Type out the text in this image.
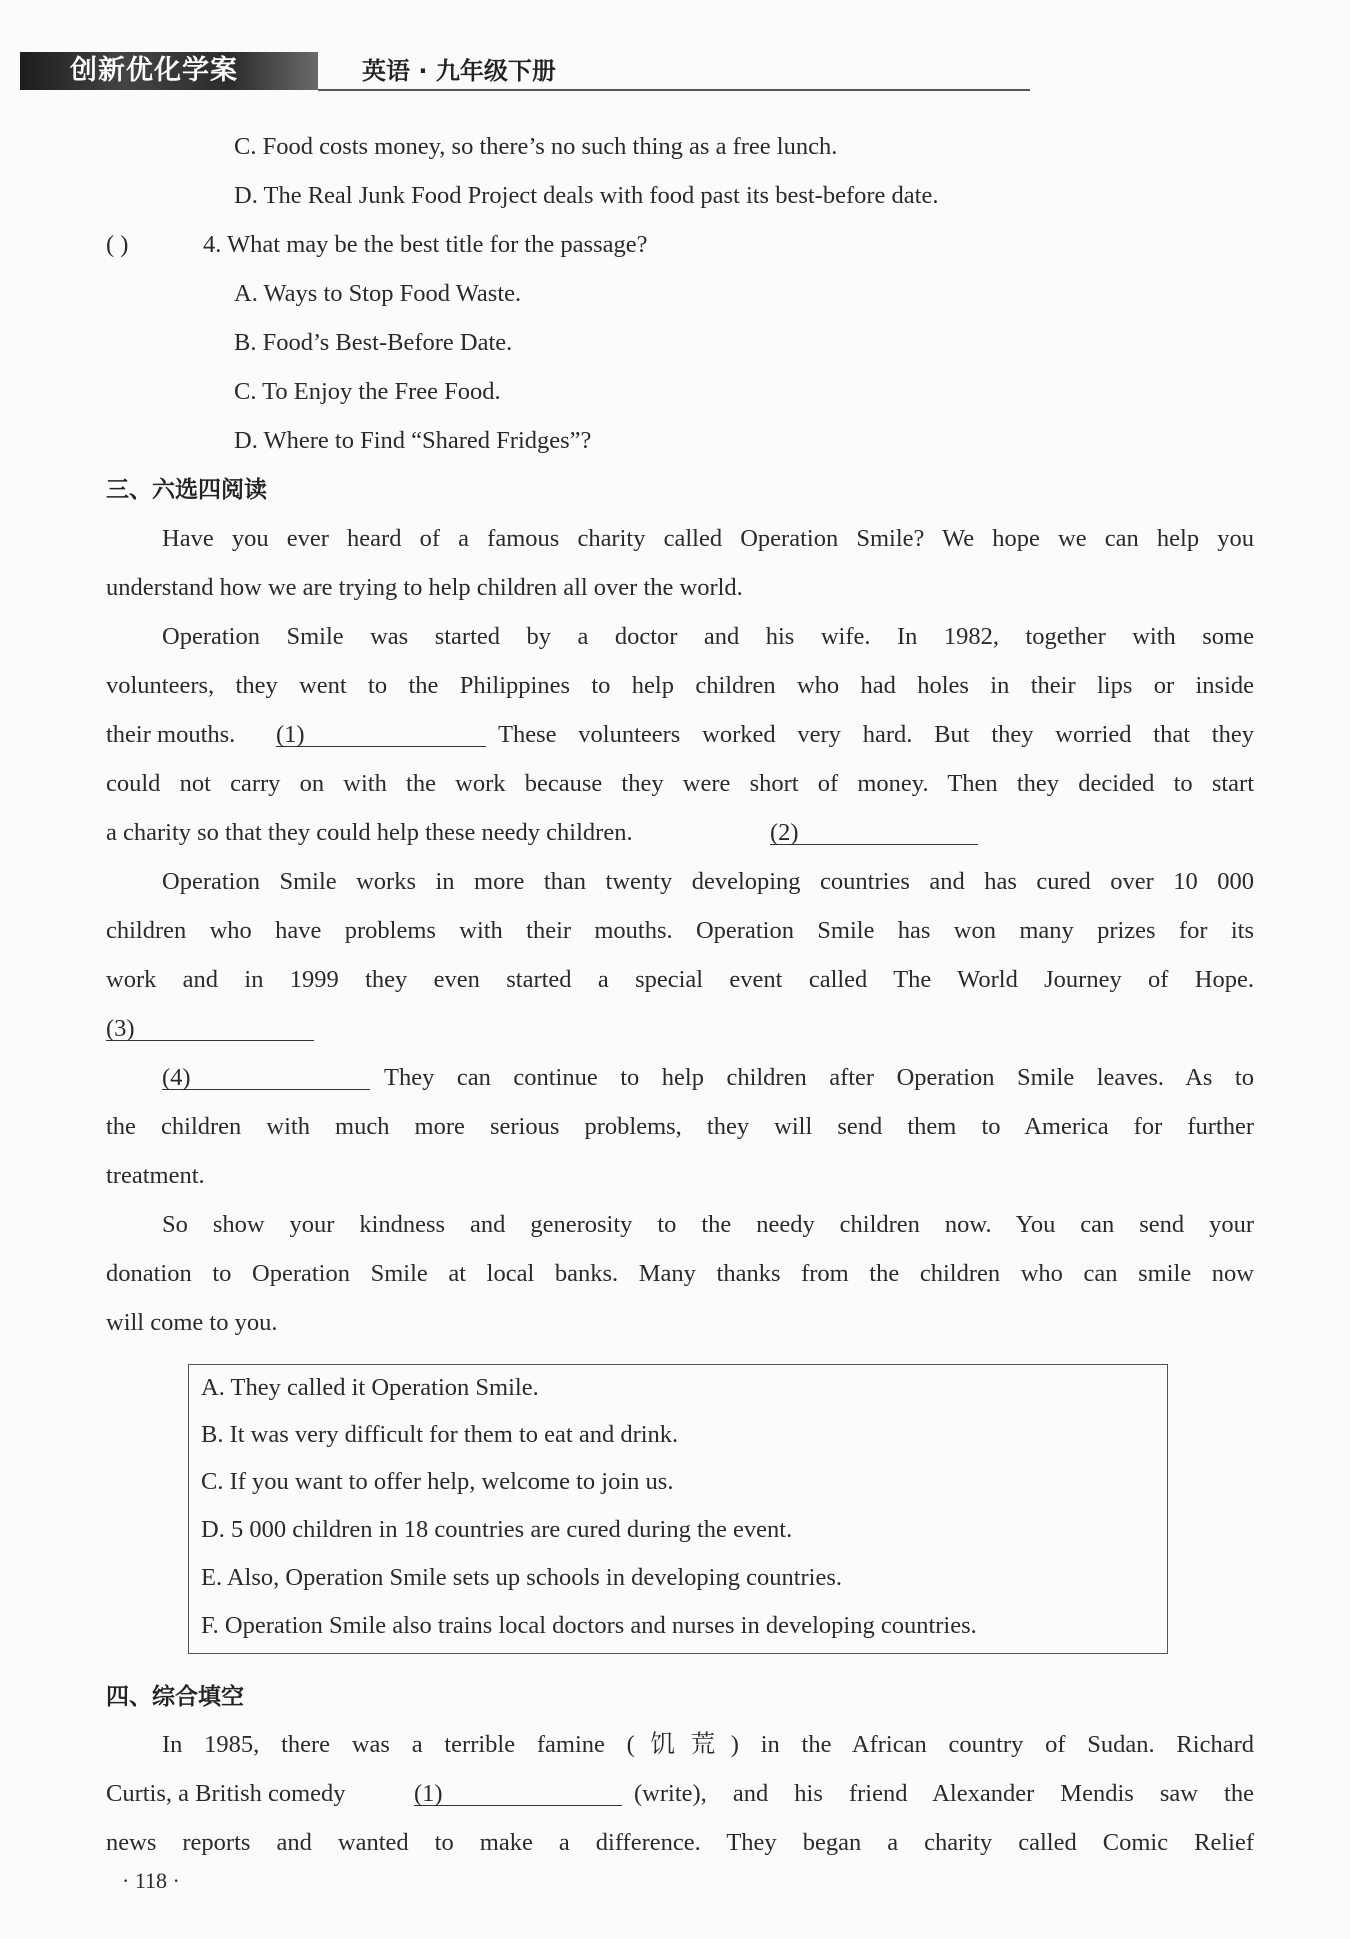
创新优化学案	英语 · 九年级下册
C. Food costs money, so there’s no such thing as a free lunch.
D. The Real Junk Food Project deals with food past its best-before date.
( )	4. What may be the best title for the passage?
A. Ways to Stop Food Waste.
B. Food’s Best-Before Date.
C. To Enjoy the Free Food.
D. Where to Find “Shared Fridges”?
三、六选四阅读
Have you ever heard of a famous charity called Operation Smile? We hope we can help you
understand how we are trying to help children all over the world.
Operation Smile was started by a doctor and his wife. In 1982, together with some
volunteers, they went to the Philippines to help children who had holes in their lips or inside
their mouths. (1)	These volunteers worked very hard. But they worried that they
could not carry on with the work because they were short of money. Then they decided to start
a charity so that they could help these needy children.	(2)
Operation Smile works in more than twenty developing countries and has cured over 10 000
children who have problems with their mouths. Operation Smile has won many prizes for its
work and in 1999 they even started a special event called The World Journey of Hope.
(3)
(4)	They can continue to help children after Operation Smile leaves. As to
the children with much more serious problems, they will send them to America for further
treatment.
So show your kindness and generosity to the needy children now. You can send your
donation to Operation Smile at local banks. Many thanks from the children who can smile now
will come to you.
A. They called it Operation Smile.
B. It was very difficult for them to eat and drink.
C. If you want to offer help, welcome to join us.
D. 5 000 children in 18 countries are cured during the event.
E. Also, Operation Smile sets up schools in developing countries.
F. Operation Smile also trains local doctors and nurses in developing countries.
四、综合填空
In 1985, there was a terrible famine (饥荒) in the African country of Sudan. Richard
Curtis, a British comedy	(1)	(write), and his friend Alexander Mendis saw the
news reports and wanted to make a difference. They began a charity called Comic Relief
· 118 ·
